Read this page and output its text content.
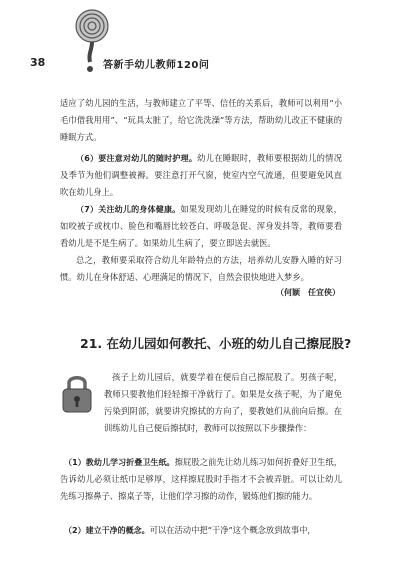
38	答新手幼儿教师120问

适应了幼儿园的生活，与教师建立了平等、信任的关系后，教师可以利用“小毛巾借我用用”、“玩具太脏了，给它洗洗澡”等方法，帮助幼儿改正不健康的睡眠方式。

（6）要注意对幼儿的随时护理。幼儿在睡眠时，教师要根据幼儿的情况及季节为他们调整被褥。要注意打开气窗，使室内空气流通，但要避免风直吹在幼儿身上。

（7）关注幼儿的身体健康。如果发现幼儿在睡觉的时候有反常的现象，如咬被子或枕巾、脸色和嘴唇比较苍白、呼吸急促、浑身发抖等，教师要看看幼儿是不是生病了。如果幼儿生病了，要立即送去就医。

总之，教师要采取符合幼儿年龄特点的方法，培养幼儿安静入睡的好习惯。幼儿在身体舒适、心理满足的情况下，自然会很快地进入梦乡。

（何颖　任宜侠）
21. 在幼儿园如何教托、小班的幼儿自己擦屁股?

孩子上幼儿园后，就要学着在便后自己擦屁股了。男孩子呢，教师只要教他们轻轻擦干净就行了。如果是女孩子呢，为了避免污染到阴部，就要讲究擦拭的方向了，要教她们从前向后擦。在训练幼儿自己便后擦拭时，教师可以按照以下步骤操作：

（1）教幼儿学习折叠卫生纸。擦屁股之前先让幼儿练习如何折叠好卫生纸，告诉幼儿必须让纸巾足够厚，这样擦屁股时手指才不会被弄脏。可以让幼儿先练习擦鼻子、擦桌子等，让他们学习擦的动作，锻炼他们擦的能力。

（2）建立干净的概念。可以在活动中把“干净”这个概念放到故事中，
